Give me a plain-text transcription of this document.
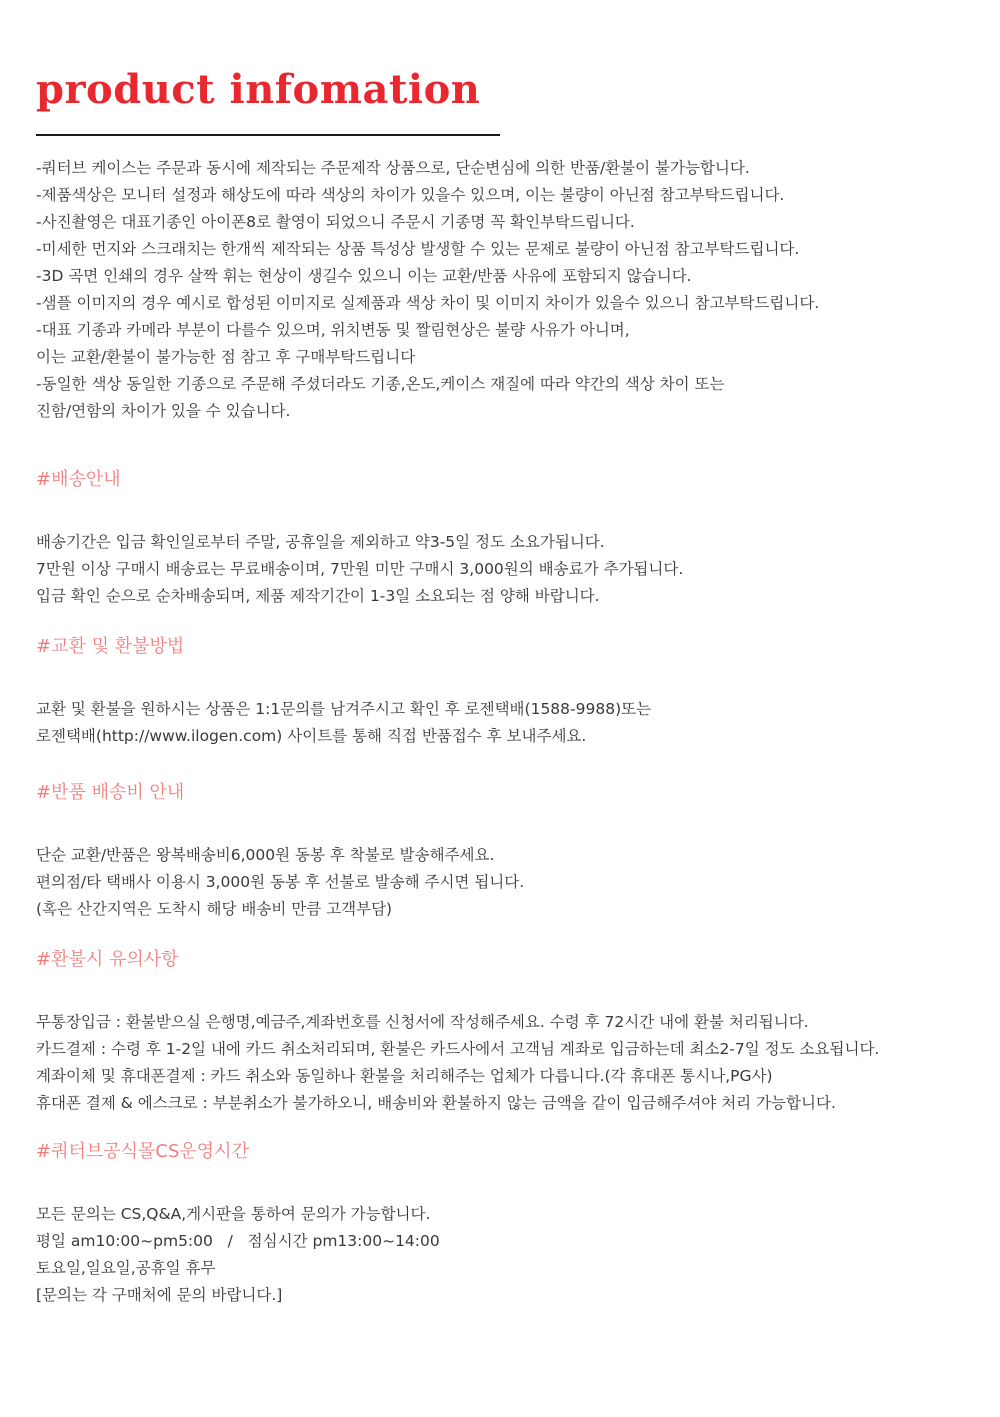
product infomation
-쿼터브 케이스는 주문과 동시에 제작되는 주문제작 상품으로, 단순변심에 의한 반품/환불이 불가능합니다.
-제품색상은 모니터 설정과 해상도에 따라 색상의 차이가 있을수 있으며, 이는 불량이 아닌점 참고부탁드립니다.
-사진촬영은 대표기종인 아이폰8로 촬영이 되었으니 주문시 기종명 꼭 확인부탁드립니다.
-미세한 먼지와 스크래치는 한개씩 제작되는 상품 특성상 발생할 수 있는 문제로 불량이 아닌점 참고부탁드립니다.
-3D 곡면 인쇄의 경우 살짝 휘는 현상이 생길수 있으니 이는 교환/반품 사유에 포함되지 않습니다.
-샘플 이미지의 경우 예시로 합성된 이미지로 실제품과 색상 차이 및 이미지 차이가 있을수 있으니 참고부탁드립니다.
-대표 기종과 카메라 부분이 다를수 있으며, 위치변동 및 짤림현상은 불량 사유가 아니며,
이는 교환/환불이 불가능한 점 참고 후 구매부탁드립니다
-동일한 색상 동일한 기종으로 주문해 주셨더라도 기종,온도,케이스 재질에 따라 약간의 색상 차이 또는
진함/연함의 차이가 있을 수 있습니다.
#배송안내
배송기간은 입금 확인일로부터 주말, 공휴일을 제외하고 약3-5일 정도 소요가됩니다.
7만원 이상 구매시 배송료는 무료배송이며, 7만원 미만 구매시 3,000원의 배송료가 추가됩니다.
입금 확인 순으로 순차배송되며, 제품 제작기간이 1-3일 소요되는 점 양해 바랍니다.
#교환 및 환불방법
교환 및 환불을 원하시는 상품은 1:1문의를 남겨주시고 확인 후 로젠택배(1588-9988)또는
로젠택배(http://www.ilogen.com) 사이트를 통해 직접 반품접수 후 보내주세요.
#반품 배송비 안내
단순 교환/반품은 왕복배송비6,000원 동봉 후 착불로 발송해주세요.
편의점/타 택배사 이용시 3,000원 동봉 후 선불로 발송해 주시면 됩니다.
(혹은 산간지역은 도착시 해당 배송비 만큼 고객부담)
#환불시 유의사항
무통장입금 : 환불받으실 은행명,예금주,계좌번호를 신청서에 작성해주세요. 수령 후 72시간 내에 환불 처리됩니다.
카드결제 : 수령 후 1-2일 내에 카드 취소처리되며, 환불은 카드사에서 고객님 계좌로 입금하는데 최소2-7일 정도 소요됩니다.
계좌이체 및 휴대폰결제 : 카드 취소와 동일하나 환불을 처리해주는 업체가 다릅니다.(각 휴대폰 통시나,PG사)
휴대폰 결제 & 에스크로 : 부분취소가 불가하오니, 배송비와 환불하지 않는 금액을 같이 입금해주셔야 처리 가능합니다.
#쿼터브공식몰CS운영시간
모든 문의는 CS,Q&A,게시판을 통하여 문의가 가능합니다.
평일 am10:00~pm5:00   /   점심시간 pm13:00~14:00
토요일,일요일,공휴일 휴무
[문의는 각 구매처에 문의 바랍니다.]
